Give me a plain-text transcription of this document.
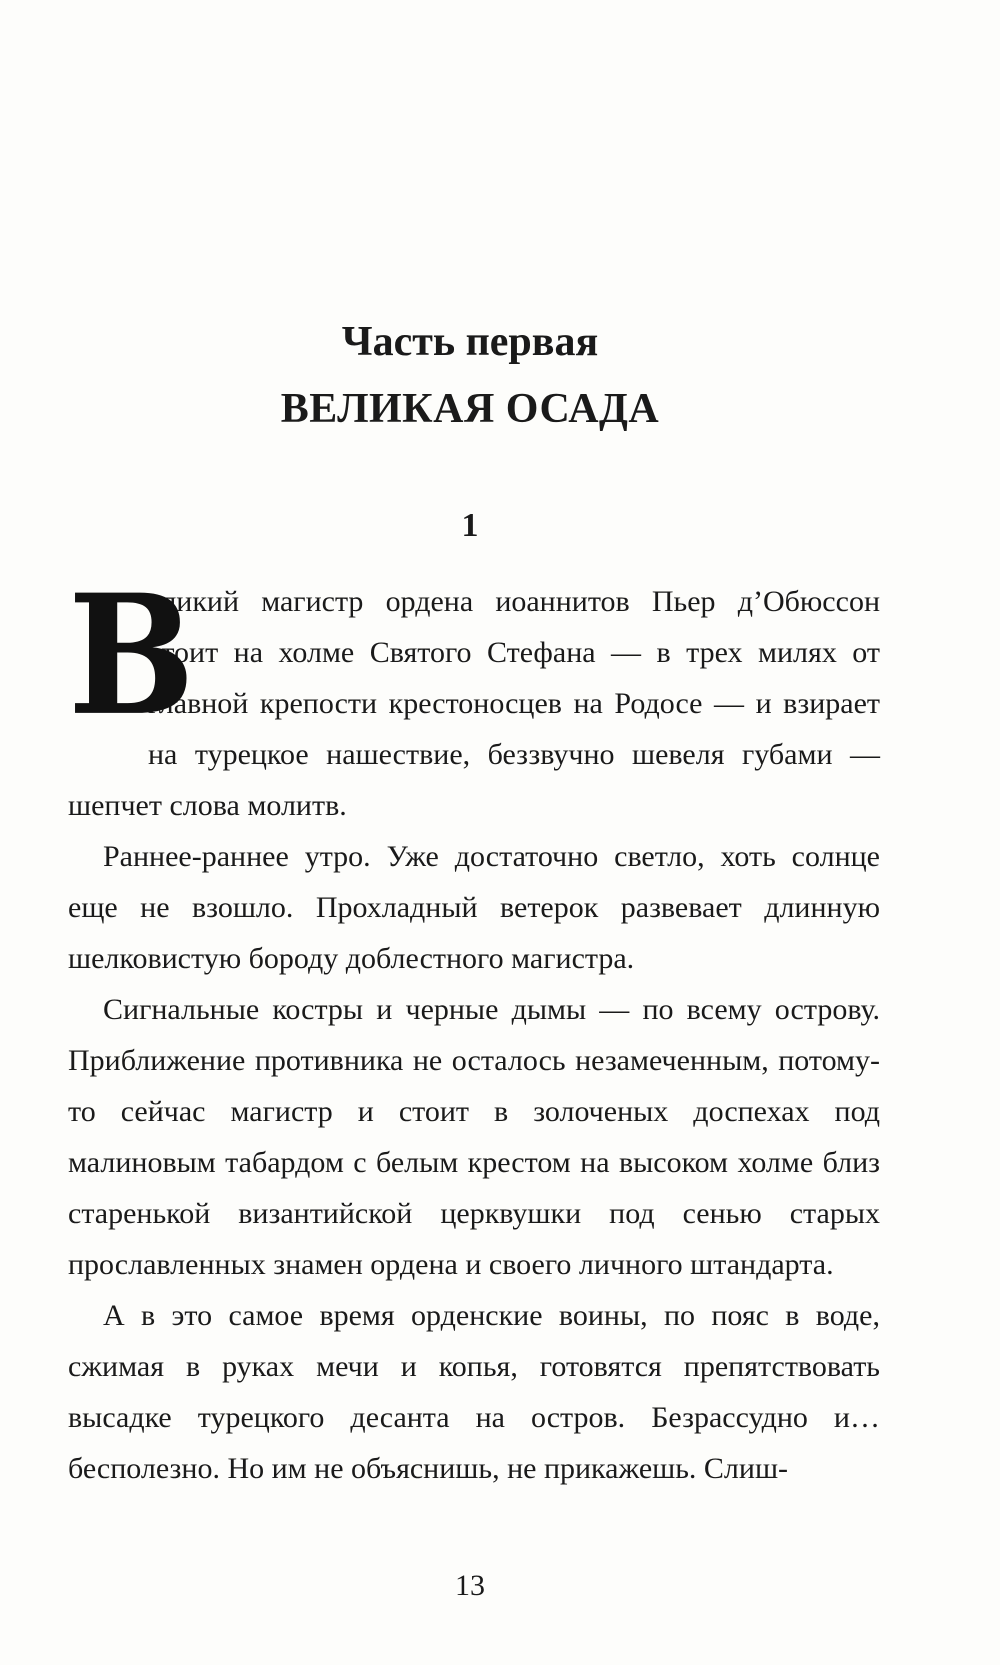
Часть первая
ВЕЛИКАЯ ОСАДА
1

В
еликий магистр ордена иоаннитов Пьер д’Обюссон стоит на холме Святого Стефана — в трех милях от главной крепости крестоносцев на Родосе — и взирает на турецкое нашествие, беззвучно шевеля губами — шепчет слова молитв.

Раннее-раннее утро. Уже достаточно светло, хоть солнце еще не взошло. Прохладный ветерок развевает длинную шелковистую бороду доблестного магистра.

Сигнальные костры и черные дымы — по всему острову. Приближение противника не осталось незамеченным, потому-то сейчас магистр и стоит в золоченых доспехах под малиновым табардом с белым крестом на высоком холме близ старенькой византийской церквушки под сенью старых прославленных знамен ордена и своего личного штандарта.

А в это самое время орденские воины, по пояс в воде, сжимая в руках мечи и копья, готовятся препятствовать высадке турецкого десанта на остров. Безрассудно и… бесполезно. Но им не объяснишь, не прикажешь. Слиш-

13
